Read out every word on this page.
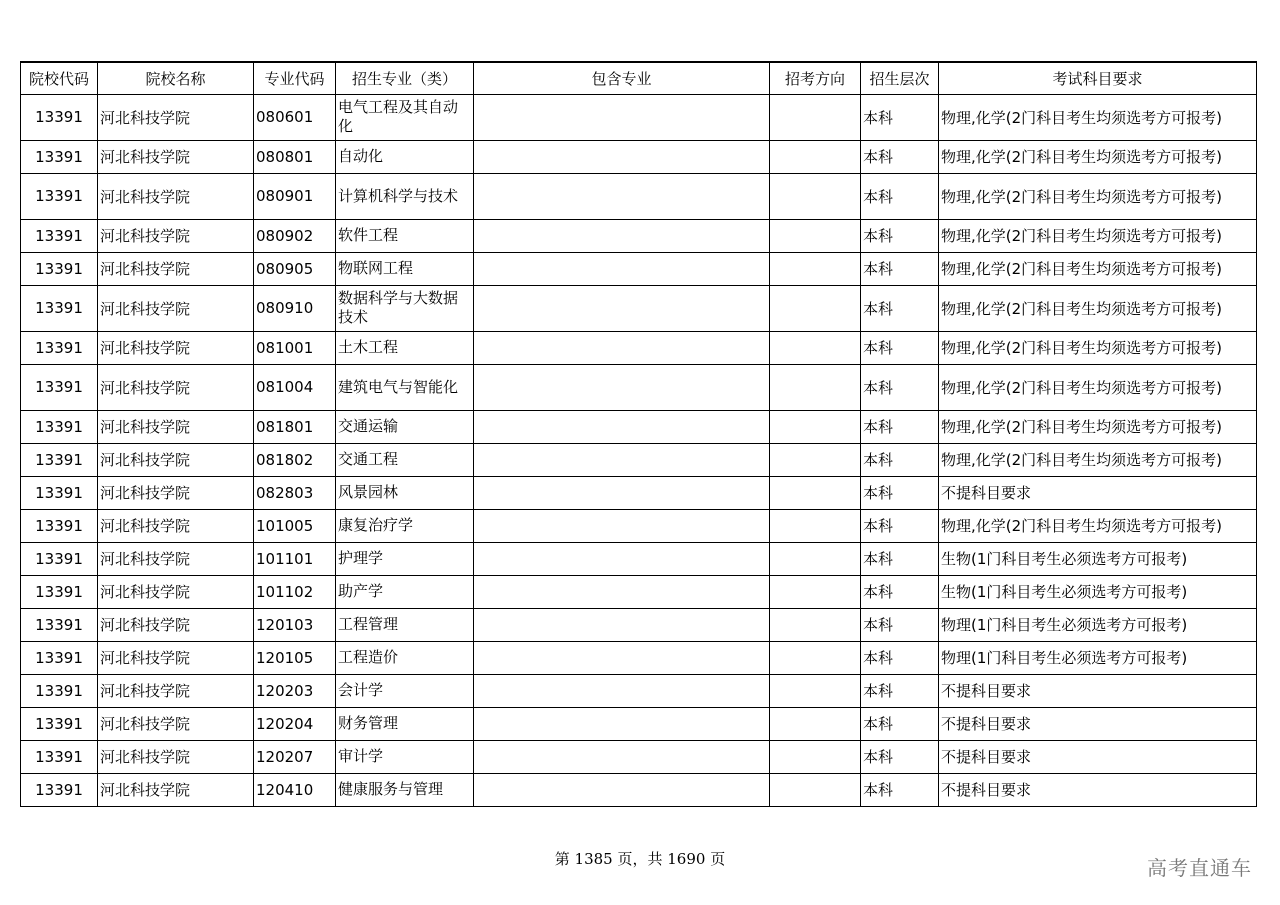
院校代码	院校名称	专业代码	招生专业（类）	包含专业	招考方向	招生层次	考试科目要求
13391	河北科技学院	080601	电气工程及其自动化			本科	物理,化学(2门科目考生均须选考方可报考)
13391	河北科技学院	080801	自动化			本科	物理,化学(2门科目考生均须选考方可报考)
13391	河北科技学院	080901	计算机科学与技术			本科	物理,化学(2门科目考生均须选考方可报考)
13391	河北科技学院	080902	软件工程			本科	物理,化学(2门科目考生均须选考方可报考)
13391	河北科技学院	080905	物联网工程			本科	物理,化学(2门科目考生均须选考方可报考)
13391	河北科技学院	080910	数据科学与大数据技术			本科	物理,化学(2门科目考生均须选考方可报考)
13391	河北科技学院	081001	土木工程			本科	物理,化学(2门科目考生均须选考方可报考)
13391	河北科技学院	081004	建筑电气与智能化			本科	物理,化学(2门科目考生均须选考方可报考)
13391	河北科技学院	081801	交通运输			本科	物理,化学(2门科目考生均须选考方可报考)
13391	河北科技学院	081802	交通工程			本科	物理,化学(2门科目考生均须选考方可报考)
13391	河北科技学院	082803	风景园林			本科	不提科目要求
13391	河北科技学院	101005	康复治疗学			本科	物理,化学(2门科目考生均须选考方可报考)
13391	河北科技学院	101101	护理学			本科	生物(1门科目考生必须选考方可报考)
13391	河北科技学院	101102	助产学			本科	生物(1门科目考生必须选考方可报考)
13391	河北科技学院	120103	工程管理			本科	物理(1门科目考生必须选考方可报考)
13391	河北科技学院	120105	工程造价			本科	物理(1门科目考生必须选考方可报考)
13391	河北科技学院	120203	会计学			本科	不提科目要求
13391	河北科技学院	120204	财务管理			本科	不提科目要求
13391	河北科技学院	120207	审计学			本科	不提科目要求
13391	河北科技学院	120410	健康服务与管理			本科	不提科目要求
第 1385 页，共 1690 页	高考直通车
